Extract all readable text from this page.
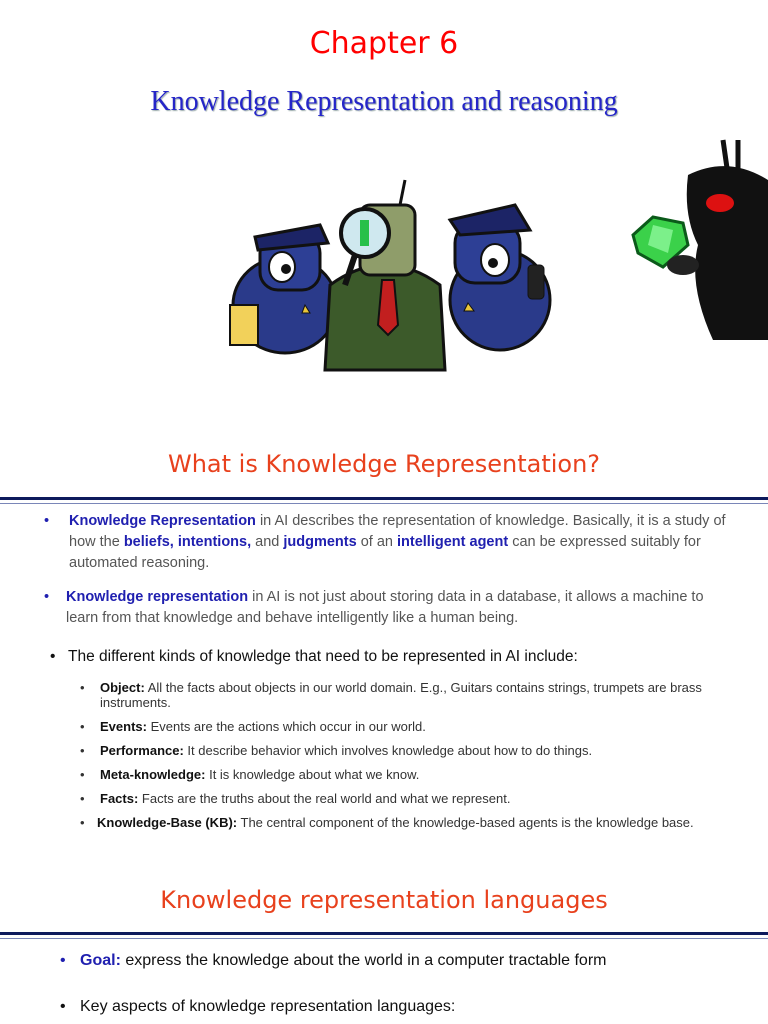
Chapter 6
Knowledge Representation and reasoning
What is Knowledge Representation?
• Knowledge Representation in AI describes the representation of knowledge. Basically, it is a study of how the beliefs, intentions, and judgments of an intelligent agent can be expressed suitably for automated reasoning.
• Knowledge representation in AI is not just about storing data in a database, it allows a machine to learn from that knowledge and behave intelligently like a human being.
• The different kinds of knowledge that need to be represented in AI include:
• Object: All the facts about objects in our world domain. E.g., Guitars contains strings, trumpets are brass instruments.
• Events: Events are the actions which occur in our world.
• Performance: It describe behavior which involves knowledge about how to do things.
• Meta-knowledge: It is knowledge about what we know.
• Facts: Facts are the truths about the real world and what we represent.
• Knowledge-Base (KB): The central component of the knowledge-based agents is the knowledge base.
Knowledge representation languages
• Goal: express the knowledge about the world in a computer tractable form
• Key aspects of knowledge representation languages:
